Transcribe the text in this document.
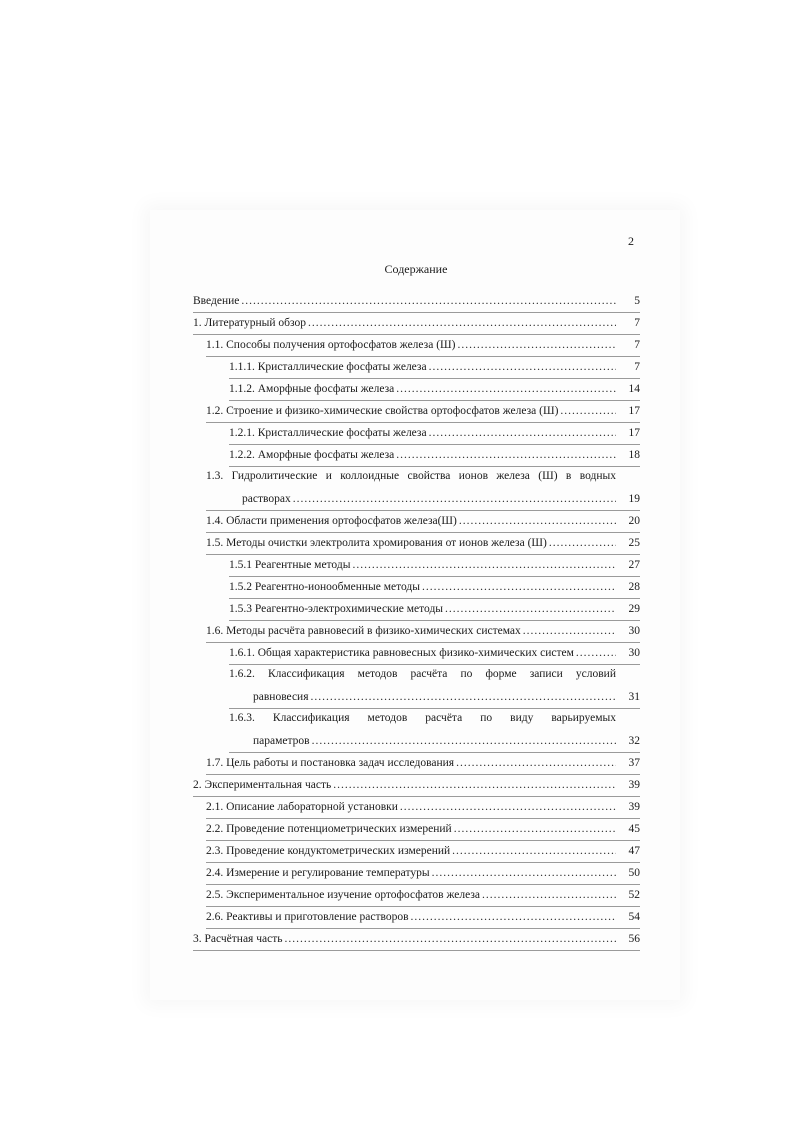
2
Содержание
Введение .....	5
1. Литературный обзор .....	7
1.1. Способы получения ортофосфатов железа (Ш) .....	7
1.1.1. Кристаллические фосфаты железа .....	7
1.1.2. Аморфные фосфаты железа .....	14
1.2. Строение и физико-химические свойства ортофосфатов железа (Ш) .....	17
1.2.1. Кристаллические фосфаты железа .....	17
1.2.2. Аморфные фосфаты железа .....	18
1.3. Гидролитические и коллоидные свойства ионов железа (Ш) в водных
растворах .....	19
1.4. Области применения ортофосфатов железа(Ш) .....	20
1.5. Методы очистки электролита хромирования от ионов железа (Ш) .....	25
1.5.1 Реагентные методы .....	27
1.5.2 Реагентно-ионообменные методы .....	28
1.5.3 Реагентно-электрохимические методы .....	29
1.6. Методы расчёта равновесий в физико-химических системах .....	30
1.6.1. Общая характеристика равновесных физико-химических систем .....	30
1.6.2. Классификация методов расчёта по форме записи условий
равновесия .....	31
1.6.3. Классификация методов расчёта по виду варьируемых
параметров .....	32
1.7. Цель работы и постановка задач исследования .....	37
2. Экспериментальная часть .....	39
2.1. Описание лабораторной установки .....	39
2.2. Проведение потенциометрических измерений .....	45
2.3. Проведение кондуктометрических измерений .....	47
2.4. Измерение и регулирование температуры .....	50
2.5. Экспериментальное изучение ортофосфатов железа .....	52
2.6. Реактивы и приготовление растворов .....	54
3. Расчётная часть .....	56
